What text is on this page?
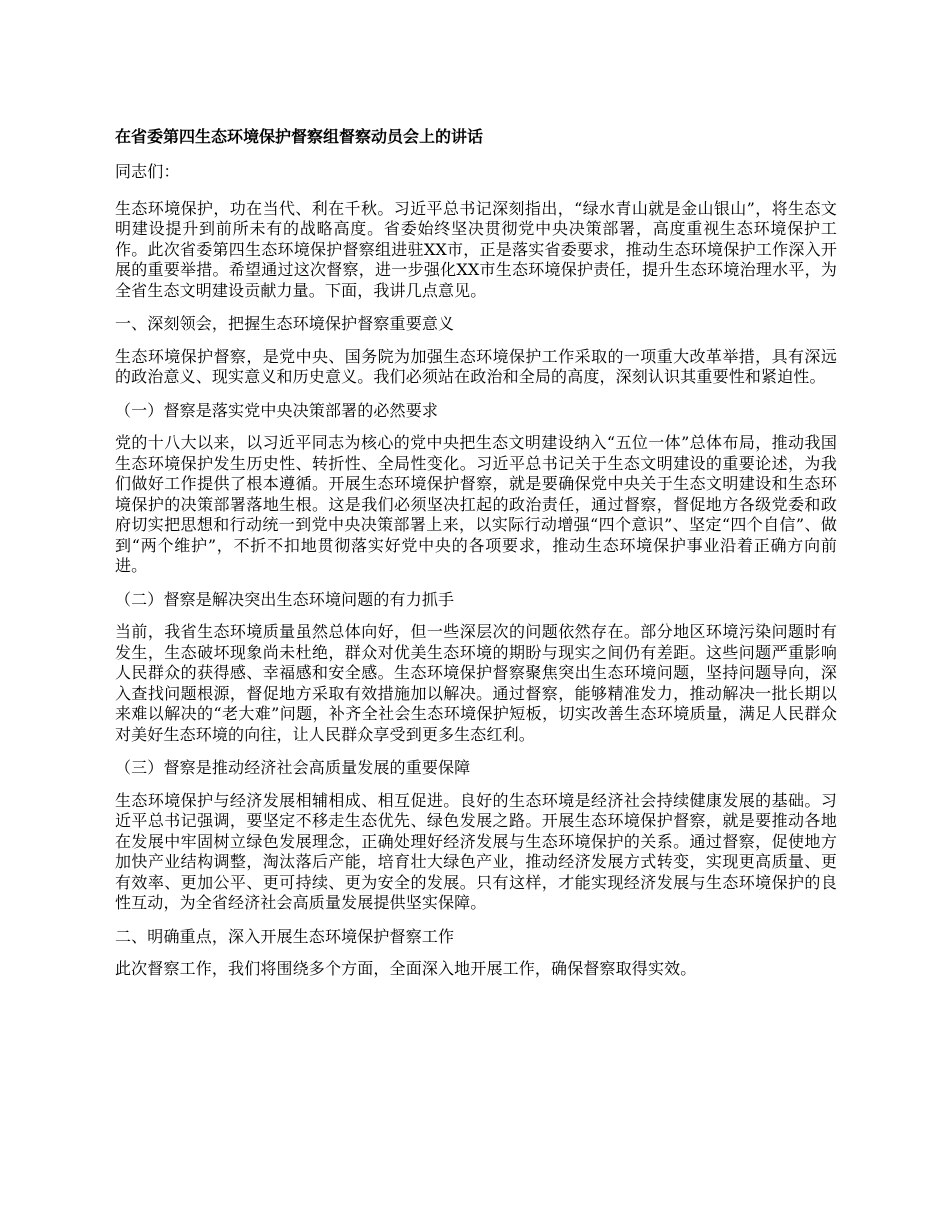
在省委第四生态环境保护督察组督察动员会上的讲话

同志们：

生态环境保护，功在当代、利在千秋。习近平总书记深刻指出，“绿水青山就是金山银山”，将生态文明建设提升到前所未有的战略高度。省委始终坚决贯彻党中央决策部署，高度重视生态环境保护工作。此次省委第四生态环境保护督察组进驻XX市，正是落实省委要求，推动生态环境保护工作深入开展的重要举措。希望通过这次督察，进一步强化XX市生态环境保护责任，提升生态环境治理水平，为全省生态文明建设贡献力量。下面，我讲几点意见。

一、深刻领会，把握生态环境保护督察重要意义

生态环境保护督察，是党中央、国务院为加强生态环境保护工作采取的一项重大改革举措，具有深远的政治意义、现实意义和历史意义。我们必须站在政治和全局的高度，深刻认识其重要性和紧迫性。

（一）督察是落实党中央决策部署的必然要求

党的十八大以来，以习近平同志为核心的党中央把生态文明建设纳入“五位一体”总体布局，推动我国生态环境保护发生历史性、转折性、全局性变化。习近平总书记关于生态文明建设的重要论述，为我们做好工作提供了根本遵循。开展生态环境保护督察，就是要确保党中央关于生态文明建设和生态环境保护的决策部署落地生根。这是我们必须坚决扛起的政治责任，通过督察，督促地方各级党委和政府切实把思想和行动统一到党中央决策部署上来，以实际行动增强“四个意识”、坚定“四个自信”、做到“两个维护”，不折不扣地贯彻落实好党中央的各项要求，推动生态环境保护事业沿着正确方向前进。

（二）督察是解决突出生态环境问题的有力抓手

当前，我省生态环境质量虽然总体向好，但一些深层次的问题依然存在。部分地区环境污染问题时有发生，生态破坏现象尚未杜绝，群众对优美生态环境的期盼与现实之间仍有差距。这些问题严重影响人民群众的获得感、幸福感和安全感。生态环境保护督察聚焦突出生态环境问题，坚持问题导向，深入查找问题根源，督促地方采取有效措施加以解决。通过督察，能够精准发力，推动解决一批长期以来难以解决的“老大难”问题，补齐全社会生态环境保护短板，切实改善生态环境质量，满足人民群众对美好生态环境的向往，让人民群众享受到更多生态红利。

（三）督察是推动经济社会高质量发展的重要保障

生态环境保护与经济发展相辅相成、相互促进。良好的生态环境是经济社会持续健康发展的基础。习近平总书记强调，要坚定不移走生态优先、绿色发展之路。开展生态环境保护督察，就是要推动各地在发展中牢固树立绿色发展理念，正确处理好经济发展与生态环境保护的关系。通过督察，促使地方加快产业结构调整，淘汰落后产能，培育壮大绿色产业，推动经济发展方式转变，实现更高质量、更有效率、更加公平、更可持续、更为安全的发展。只有这样，才能实现经济发展与生态环境保护的良性互动，为全省经济社会高质量发展提供坚实保障。

二、明确重点，深入开展生态环境保护督察工作

此次督察工作，我们将围绕多个方面，全面深入地开展工作，确保督察取得实效。
